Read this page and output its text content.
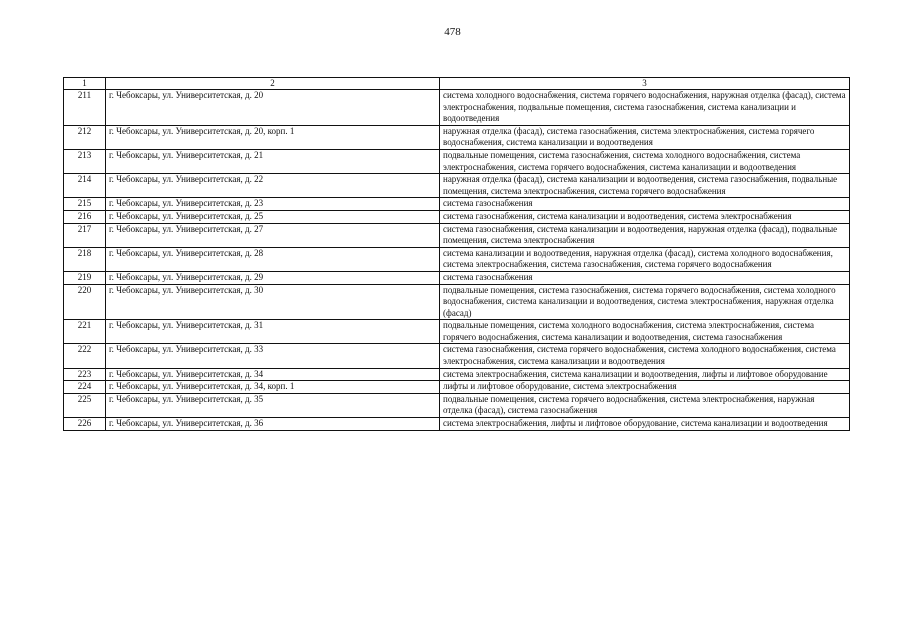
478
1	2	3
211	г. Чебоксары, ул. Университетская, д. 20	система холодного водоснабжения, система горячего водоснабжения, наружная отделка (фасад), система электроснабжения, подвальные помещения, система газоснабжения, система канализации и водоотведения
212	г. Чебоксары, ул. Университетская, д. 20, корп. 1	наружная отделка (фасад), система газоснабжения, система электроснабжения, система горячего водоснабжения, система канализации и водоотведения
213	г. Чебоксары, ул. Университетская, д. 21	подвальные помещения, система газоснабжения, система холодного водоснабжения, система электроснабжения, система горячего водоснабжения, система канализации и водоотведения
214	г. Чебоксары, ул. Университетская, д. 22	наружная отделка (фасад), система канализации и водоотведения, система газоснабжения, подвальные помещения, система электроснабжения, система горячего водоснабжения
215	г. Чебоксары, ул. Университетская, д. 23	система газоснабжения
216	г. Чебоксары, ул. Университетская, д. 25	система газоснабжения, система канализации и водоотведения, система электроснабжения
217	г. Чебоксары, ул. Университетская, д. 27	система газоснабжения, система канализации и водоотведения, наружная отделка (фасад), подвальные помещения, система электроснабжения
218	г. Чебоксары, ул. Университетская, д. 28	система канализации и водоотведения, наружная отделка (фасад), система холодного водоснабжения, система электроснабжения, система газоснабжения, система горячего водоснабжения
219	г. Чебоксары, ул. Университетская, д. 29	система газоснабжения
220	г. Чебоксары, ул. Университетская, д. 30	подвальные помещения, система газоснабжения, система горячего водоснабжения, система холодного водоснабжения, система канализации и водоотведения, система электроснабжения, наружная отделка (фасад)
221	г. Чебоксары, ул. Университетская, д. 31	подвальные помещения, система холодного водоснабжения, система электроснабжения, система горячего водоснабжения, система канализации и водоотведения, система газоснабжения
222	г. Чебоксары, ул. Университетская, д. 33	система газоснабжения, система горячего водоснабжения, система холодного водоснабжения, система электроснабжения, система канализации и водоотведения
223	г. Чебоксары, ул. Университетская, д. 34	система электроснабжения, система канализации и водоотведения, лифты и лифтовое оборудование
224	г. Чебоксары, ул. Университетская, д. 34, корп. 1	лифты и лифтовое оборудование, система электроснабжения
225	г. Чебоксары, ул. Университетская, д. 35	подвальные помещения, система горячего водоснабжения, система электроснабжения, наружная отделка (фасад), система газоснабжения
226	г. Чебоксары, ул. Университетская, д. 36	система электроснабжения, лифты и лифтовое оборудование, система канализации и водоотведения
